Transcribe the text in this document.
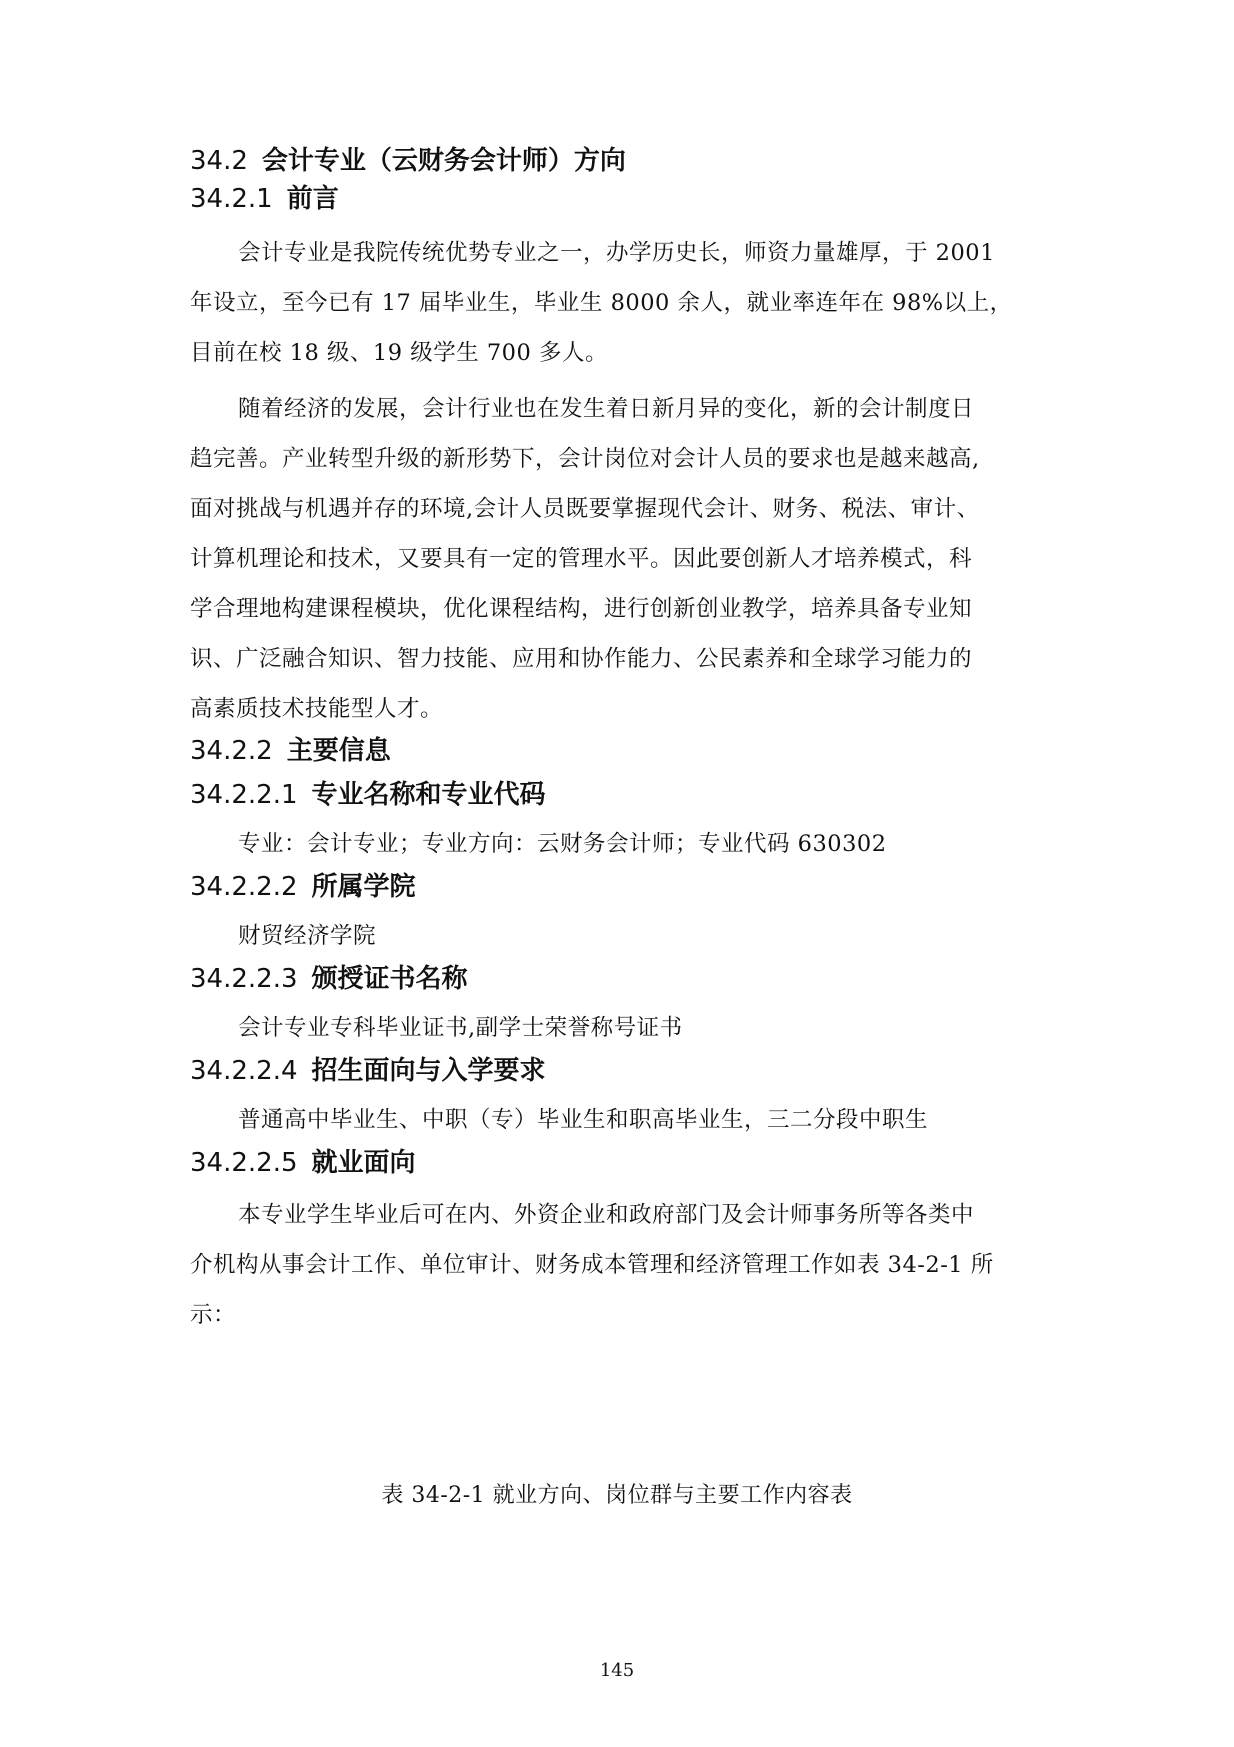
34.2 会计专业（云财务会计师）方向
34.2.1 前言

会计专业是我院传统优势专业之一，办学历史长，师资力量雄厚，于 2001
年设立，至今已有 17 届毕业生，毕业生 8000 余人，就业率连年在 98%以上，
目前在校 18 级、19 级学生 700 多人。

随着经济的发展，会计行业也在发生着日新月异的变化，新的会计制度日
趋完善。产业转型升级的新形势下，会计岗位对会计人员的要求也是越来越高,
面对挑战与机遇并存的环境,会计人员既要掌握现代会计、财务、税法、审计、
计算机理论和技术，又要具有一定的管理水平。因此要创新人才培养模式，科
学合理地构建课程模块，优化课程结构，进行创新创业教学，培养具备专业知
识、广泛融合知识、智力技能、应用和协作能力、公民素养和全球学习能力的
高素质技术技能型人才。

34.2.2 主要信息
34.2.2.1 专业名称和专业代码

专业：会计专业；专业方向：云财务会计师；专业代码 630302

34.2.2.2 所属学院

财贸经济学院

34.2.2.3 颁授证书名称

会计专业专科毕业证书,副学士荣誉称号证书

34.2.2.4 招生面向与入学要求

普通高中毕业生、中职（专）毕业生和职高毕业生，三二分段中职生

34.2.2.5 就业面向

本专业学生毕业后可在内、外资企业和政府部门及会计师事务所等各类中
介机构从事会计工作、单位审计、财务成本管理和经济管理工作如表 34-2-1 所
示：

表 34-2-1 就业方向、岗位群与主要工作内容表
145
